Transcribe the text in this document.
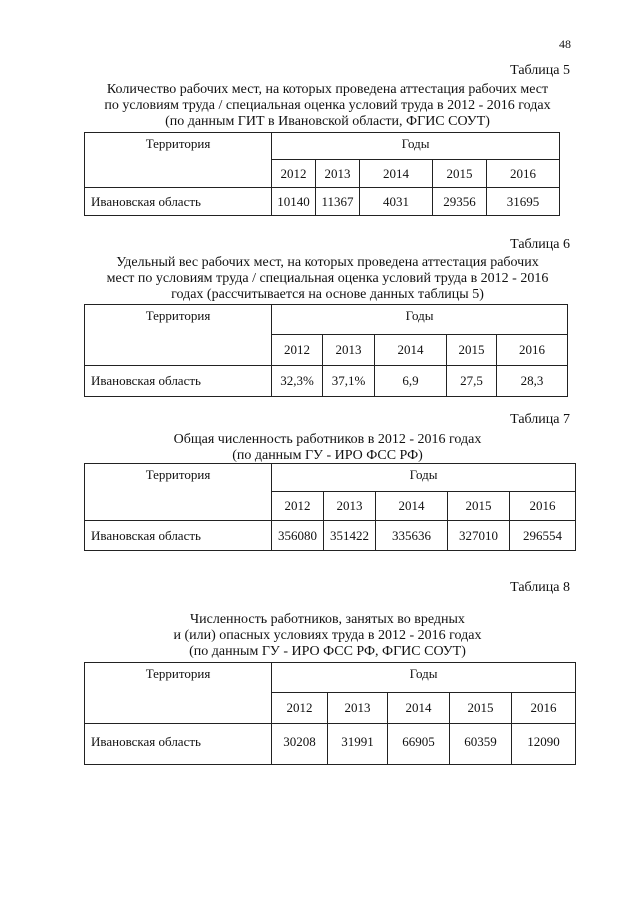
48
Таблица 5
Количество рабочих мест, на которых проведена аттестация рабочих мест
по условиям труда / специальная оценка условий труда в 2012 - 2016 годах
(по данным ГИТ в Ивановской области, ФГИС СОУТ)
Территория	Годы				

	2012	2013	2014	2015	2016
Ивановская область	10140	11367	4031	29356	31695
Таблица 6
Удельный вес рабочих мест, на которых проведена аттестация рабочих
мест по условиям труда / специальная оценка условий труда в 2012 - 2016
годах (рассчитывается на основе данных таблицы 5)
Территория	Годы				

	2012	2013	2014	2015	2016
Ивановская область	32,3%	37,1%	6,9	27,5	28,3
Таблица 7
Общая численность работников в 2012 - 2016 годах
(по данным ГУ - ИРО ФСС РФ)
Территория	Годы				

	2012	2013	2014	2015	2016
Ивановская область	356080	351422	335636	327010	296554
Таблица 8
Численность работников, занятых во вредных
и (или) опасных условиях труда в 2012 - 2016 годах
(по данным ГУ - ИРО ФСС РФ, ФГИС СОУТ)
Территория	Годы				

	2012	2013	2014	2015	2016
Ивановская область	30208	31991	66905	60359	12090
